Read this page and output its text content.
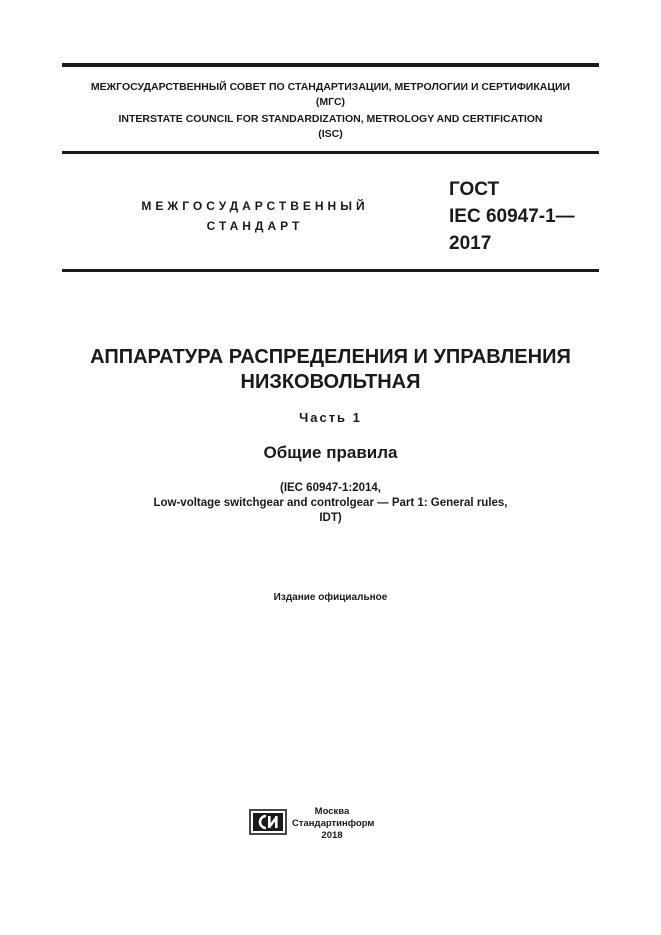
МЕЖГОСУДАРСТВЕННЫЙ СОВЕТ ПО СТАНДАРТИЗАЦИИ, МЕТРОЛОГИИ И СЕРТИФИКАЦИИ
(МГС)
INTERSTATE COUNCIL FOR STANDARDIZATION, METROLOGY AND CERTIFICATION
(ISC)
МЕЖГОСУДАРСТВЕННЫЙ
СТАНДАРТ
ГОСТ
IEC 60947-1—
2017
АППАРАТУРА РАСПРЕДЕЛЕНИЯ И УПРАВЛЕНИЯ
НИЗКОВОЛЬТНАЯ
Часть 1
Общие правила
(IEC 60947-1:2014,
Low-voltage switchgear and controlgear — Part 1: General rules,
IDT)
Издание официальное
Москва
Стандартинформ
2018
